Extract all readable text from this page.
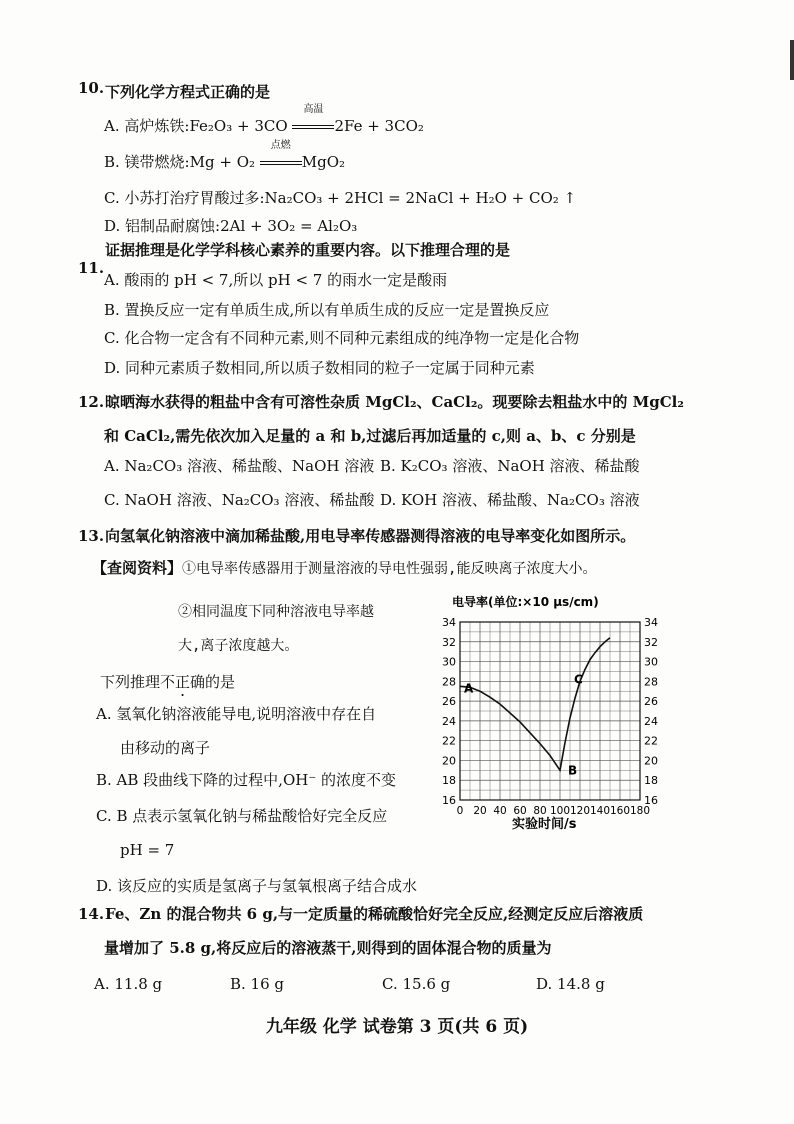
10. 下列化学方程式正确的是
A. 高炉炼铁:Fe₂O₃ + 3CO
高温
2Fe + 3CO₂
B. 镁带燃烧:Mg + O₂
点燃
MgO₂
C. 小苏打治疗胃酸过多:Na₂CO₃ + 2HCl = 2NaCl + H₂O + CO₂ ↑
D. 铝制品耐腐蚀:2Al + 3O₂ = Al₂O₃
11.
证据推理是化学学科核心素养的重要内容。以下推理合理的是
A. 酸雨的 pH < 7,所以 pH < 7 的雨水一定是酸雨
B. 置换反应一定有单质生成,所以有单质生成的反应一定是置换反应
C. 化合物一定含有不同种元素,则不同种元素组成的纯净物一定是化合物
D. 同种元素质子数相同,所以质子数相同的粒子一定属于同种元素
12. 晾晒海水获得的粗盐中含有可溶性杂质 MgCl₂、CaCl₂。现要除去粗盐水中的 MgCl₂
和 CaCl₂,需先依次加入足量的 a 和 b,过滤后再加适量的 c,则 a、b、c 分别是
A. Na₂CO₃ 溶液、稀盐酸、NaOH 溶液 B. K₂CO₃ 溶液、NaOH 溶液、稀盐酸
C. NaOH 溶液、Na₂CO₃ 溶液、稀盐酸 D. KOH 溶液、稀盐酸、Na₂CO₃ 溶液
13. 向氢氧化钠溶液中滴加稀盐酸,用电导率传感器测得溶液的电导率变化如图所示。
【查阅资料】①电导率传感器用于测量溶液的导电性强弱,能反映离子浓度大小。
②相同温度下同种溶液电导率越
大,离子浓度越大。
下列推理不正确的是
A. 氢氧化钠溶液能导电,说明溶液中存在自
由移动的离子
B. AB 段曲线下降的过程中,OH⁻ 的浓度不变
C. B 点表示氢氧化钠与稀盐酸恰好完全反应
pH = 7
D. 该反应的实质是氢离子与氢氧根离子结合成水
电导率(单位:×10 μs/cm)
16	16
18	18
20	20
22	22
24	24
26	26
28	28
30	30
32	32
34	34
0 20 40 60 80 100 120 140 160 180
A
B
C
实验时间/s
14. Fe、Zn 的混合物共 6 g,与一定质量的稀硫酸恰好完全反应,经测定反应后溶液质
量增加了 5.8 g,将反应后的溶液蒸干,则得到的固体混合物的质量为
A. 11.8 g	B. 16 g	C. 15.6 g	D. 14.8 g
九年级 化学 试卷第 3 页(共 6 页)
